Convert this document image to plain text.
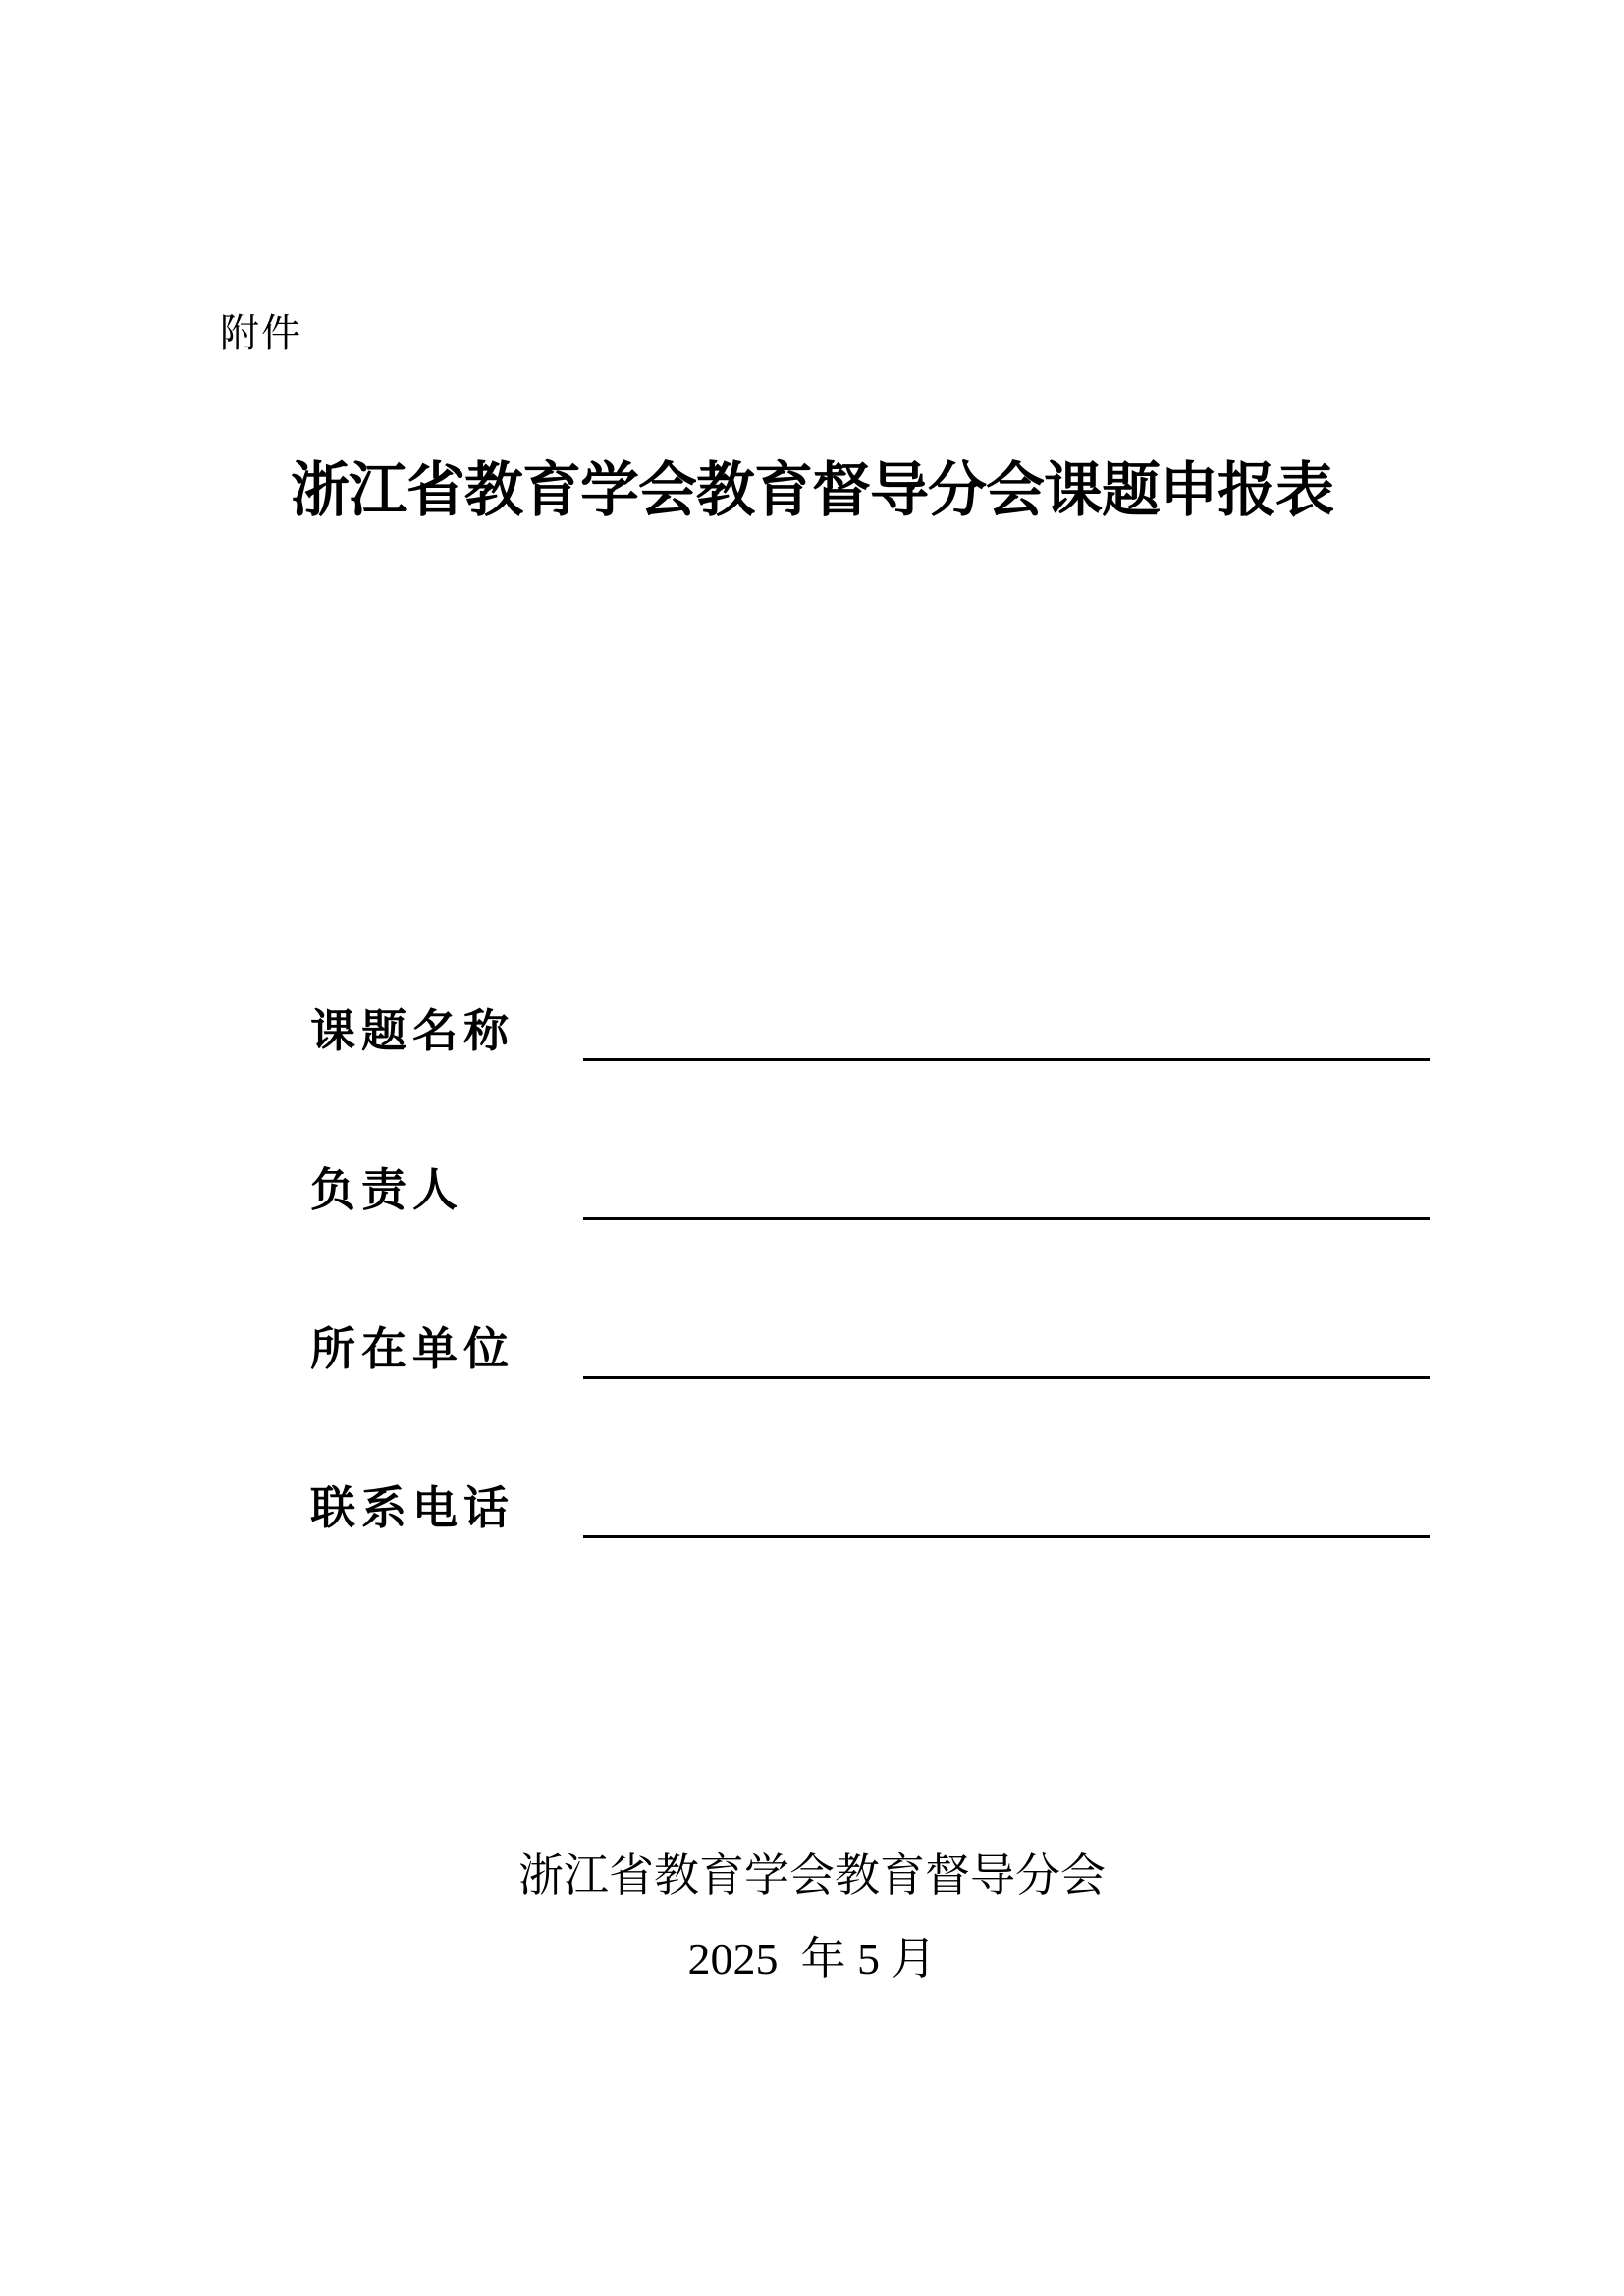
附件
浙江省教育学会教育督导分会课题申报表
课题名称
负责人
所在单位
联系电话
浙江省教育学会教育督导分会
2025  年 5 月
